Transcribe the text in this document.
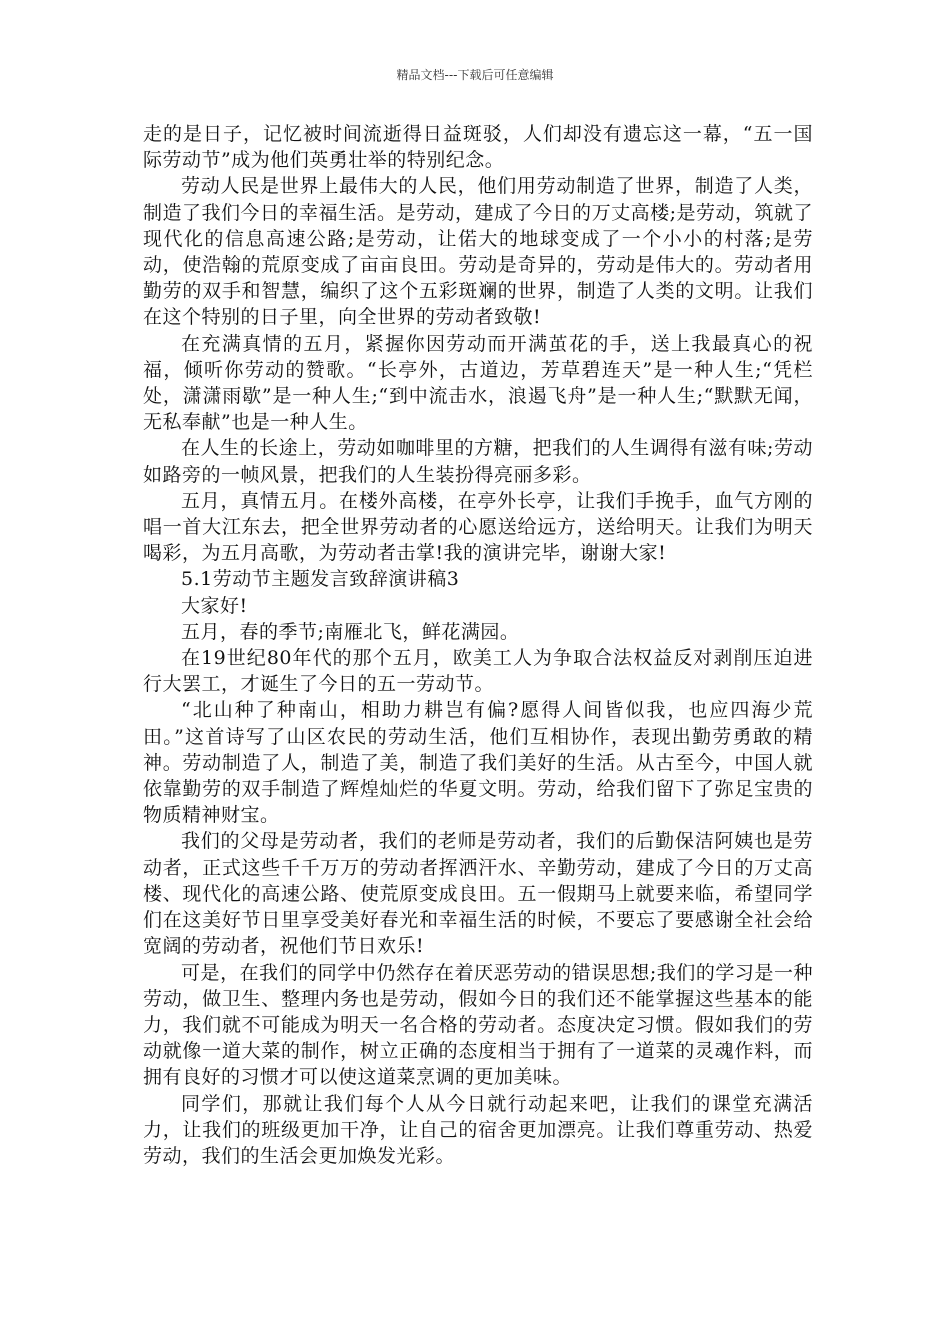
精品文档---下载后可任意编辑

走的是日子，记忆被时间流逝得日益斑驳，人们却没有遗忘这一幕，“五一国际劳动节”成为他们英勇壮举的特别纪念。

劳动人民是世界上最伟大的人民，他们用劳动制造了世界，制造了人类，制造了我们今日的幸福生活。是劳动，建成了今日的万丈高楼;是劳动，筑就了现代化的信息高速公路;是劳动，让偌大的地球变成了一个小小的村落;是劳动，使浩翰的荒原变成了亩亩良田。劳动是奇异的，劳动是伟大的。劳动者用勤劳的双手和智慧，编织了这个五彩斑斓的世界，制造了人类的文明。让我们在这个特别的日子里，向全世界的劳动者致敬!

在充满真情的五月，紧握你因劳动而开满茧花的手，送上我最真心的祝福，倾听你劳动的赞歌。“长亭外，古道边，芳草碧连天”是一种人生;“凭栏处，潇潇雨歇”是一种人生;“到中流击水，浪遏飞舟”是一种人生;“默默无闻，无私奉献”也是一种人生。

在人生的长途上，劳动如咖啡里的方糖，把我们的人生调得有滋有味;劳动如路旁的一帧风景，把我们的人生装扮得亮丽多彩。

五月，真情五月。在楼外高楼，在亭外长亭，让我们手挽手，血气方刚的唱一首大江东去，把全世界劳动者的心愿送给远方，送给明天。让我们为明天喝彩，为五月高歌，为劳动者击掌!我的演讲完毕，谢谢大家!

5.1劳动节主题发言致辞演讲稿3

大家好!

五月，春的季节;南雁北飞，鲜花满园。

在19世纪80年代的那个五月，欧美工人为争取合法权益反对剥削压迫进行大罢工，才诞生了今日的五一劳动节。

“北山种了种南山，相助力耕岂有偏?愿得人间皆似我，也应四海少荒田。”这首诗写了山区农民的劳动生活，他们互相协作，表现出勤劳勇敢的精神。劳动制造了人，制造了美，制造了我们美好的生活。从古至今，中国人就依靠勤劳的双手制造了辉煌灿烂的华夏文明。劳动，给我们留下了弥足宝贵的物质精神财宝。

我们的父母是劳动者，我们的老师是劳动者，我们的后勤保洁阿姨也是劳动者，正式这些千千万万的劳动者挥洒汗水、辛勤劳动，建成了今日的万丈高楼、现代化的高速公路、使荒原变成良田。五一假期马上就要来临，希望同学们在这美好节日里享受美好春光和幸福生活的时候，不要忘了要感谢全社会给宽阔的劳动者，祝他们节日欢乐!

可是，在我们的同学中仍然存在着厌恶劳动的错误思想;我们的学习是一种劳动，做卫生、整理内务也是劳动，假如今日的我们还不能掌握这些基本的能力，我们就不可能成为明天一名合格的劳动者。态度决定习惯。假如我们的劳动就像一道大菜的制作，树立正确的态度相当于拥有了一道菜的灵魂作料，而拥有良好的习惯才可以使这道菜烹调的更加美味。

同学们，那就让我们每个人从今日就行动起来吧，让我们的课堂充满活力，让我们的班级更加干净，让自己的宿舍更加漂亮。让我们尊重劳动、热爱劳动，我们的生活会更加焕发光彩。
